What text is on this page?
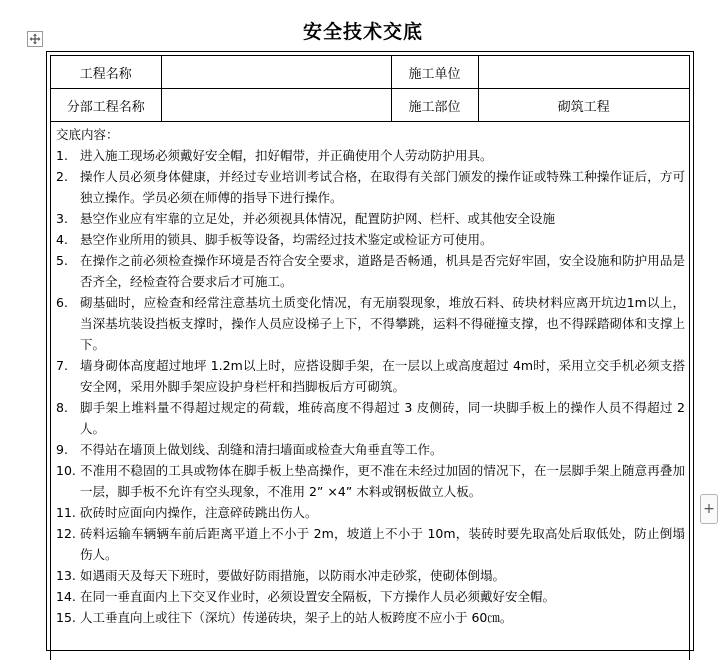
安全技术交底
工程名称		施工单位	
分部工程名称		施工部位	砌筑工程
交底内容：
1. 进入施工现场必须戴好安全帽，扣好帽带，并正确使用个人劳动防护用具。
2. 操作人员必须身体健康，并经过专业培训考试合格，在取得有关部门颁发的操作证或特殊工种操作证后，方可独立操作。学员必须在师傅的指导下进行操作。
3. 悬空作业应有牢靠的立足处，并必须视具体情况，配置防护网、栏杆、或其他安全设施
4. 悬空作业所用的锁具、脚手板等设备，均需经过技术鉴定或检证方可使用。
5. 在操作之前必须检查操作环境是否符合安全要求，道路是否畅通，机具是否完好牢固，安全设施和防护用品是否齐全，经检查符合要求后才可施工。
6. 砌基础时，应检查和经常注意基坑土质变化情况，有无崩裂现象，堆放石料、砖块材料应离开坑边1m以上，当深基坑装设挡板支撑时，操作人员应设梯子上下，不得攀跳，运料不得碰撞支撑，也不得踩踏砌体和支撑上下。
7. 墙身砌体高度超过地坪 1.2m以上时，应搭设脚手架，在一层以上或高度超过 4m时，采用立交手机必须支搭安全网，采用外脚手架应设护身栏杆和挡脚板后方可砌筑。
8. 脚手架上堆料量不得超过规定的荷载，堆砖高度不得超过 3 皮侧砖，同一块脚手板上的操作人员不得超过 2 人。
9. 不得站在墙顶上做划线、刮缝和清扫墙面或检查大角垂直等工作。
10. 不准用不稳固的工具或物体在脚手板上垫高操作，更不准在未经过加固的情况下，在一层脚手架上随意再叠加一层，脚手板不允许有空头现象，不准用 2” ×4” 木料或钢板做立人板。
11. 砍砖时应面向内操作，注意碎砖跳出伤人。
12. 砖料运输车辆辆车前后距离平道上不小于 2m，坡道上不小于 10m，装砖时要先取高处后取低处，防止倒塌伤人。
13. 如遇雨天及每天下班时，要做好防雨措施，以防雨水冲走砂浆，使砌体倒塌。
14. 在同一垂直面内上下交叉作业时，必须设置安全隔板，下方操作人员必须戴好安全帽。
15. 人工垂直向上或往下（深坑）传递砖块，架子上的站人板跨度不应小于 60㎝。
+
